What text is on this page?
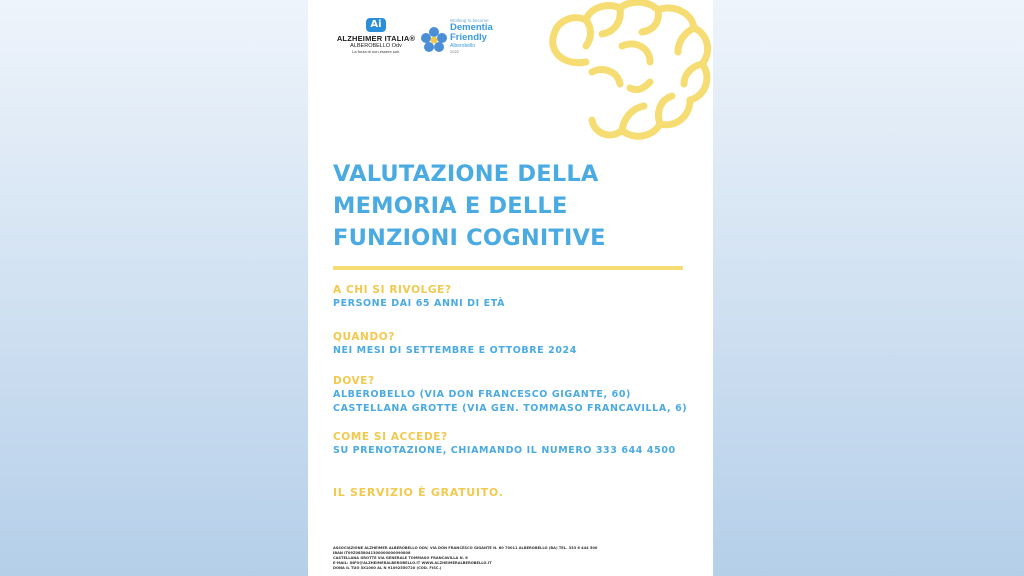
Ai
ALZHEIMER ITALIA®
ALBEROBELLO Odv
La forza di non essere soli.
Working to become
Dementia
Friendly
Alberobello
2022
VALUTAZIONE DELLA
MEMORIA E DELLE
FUNZIONI COGNITIVE
A CHI SI RIVOLGE?
PERSONE DAI 65 ANNI DI ETÀ
QUANDO?
NEI MESI DI SETTEMBRE E OTTOBRE 2024
DOVE?
ALBEROBELLO (VIA DON FRANCESCO GIGANTE, 60)
CASTELLANA GROTTE (VIA GEN. TOMMASO FRANCAVILLA, 6)
COME SI ACCEDE?
SU PRENOTAZIONE, CHIAMANDO IL NUMERO 333 644 4500
IL SERVIZIO È GRATUITO.
ASSOCIAZIONE ALZHEIMER ALBEROBELLO ODV, VIA DON FRANCESCO GIGANTE N. 60 70011 ALBEROBELLO (BA) TEL. 333 6 444 500
IBAN IT09Z0858041300000000090808
CASTELLANA GROTTE VIA GENERALE TOMMASO FRANCAVILLA N. 6
E-MAIL: INFO@ALZHEIMERALBEROBELLO.IT WWW.ALZHEIMERALBEROBELLO.IT
DONA IL TUO 5X1000 AL N 91092550720 (COD. FISC.)
